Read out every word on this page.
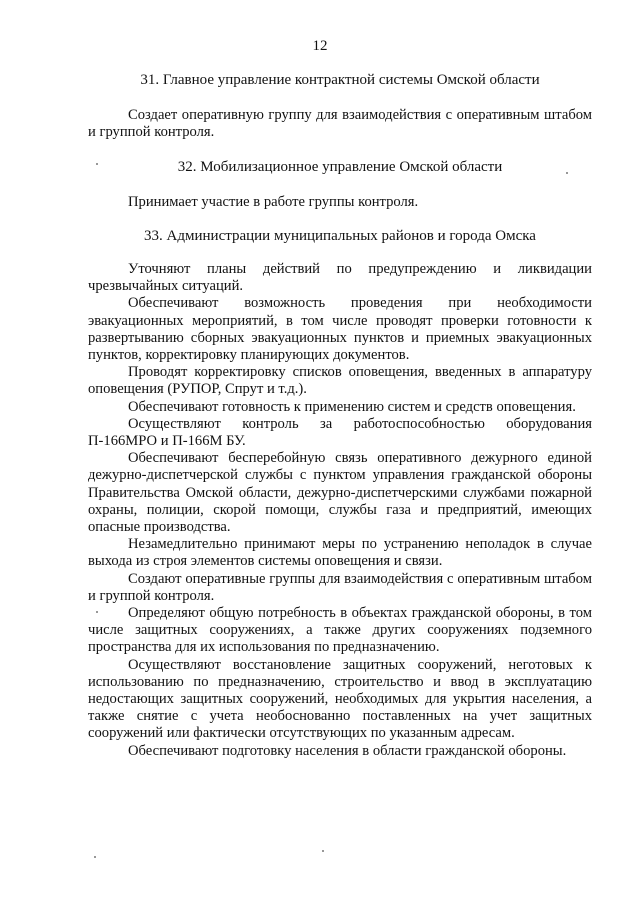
12
31. Главное управление контрактной системы Омской области

Создает оперативную группу для взаимодействия с оперативным штабом и группой контроля.

32. Мобилизационное управление Омской области

Принимает участие в работе группы контроля.

33. Администрации муниципальных районов и города Омска

Уточняют планы действий по предупреждению и ликвидации чрезвычайных ситуаций.

Обеспечивают возможность проведения при необходимости эвакуационных мероприятий, в том числе проводят проверки готовности к развертыванию сборных эвакуационных пунктов и приемных эвакуационных пунктов, корректировку планирующих документов.

Проводят корректировку списков оповещения, введенных в аппаратуру оповещения (РУПОР, Спрут и т.д.).

Обеспечивают готовность к применению систем и средств оповещения.

Осуществляют контроль за работоспособностью оборудования П-166МРО и П-166М БУ.

Обеспечивают бесперебойную связь оперативного дежурного единой дежурно-диспетчерской службы с пунктом управления гражданской обороны Правительства Омской области, дежурно-диспетчерскими службами пожарной охраны, полиции, скорой помощи, службы газа и предприятий, имеющих опасные производства.

Незамедлительно принимают меры по устранению неполадок в случае выхода из строя элементов системы оповещения и связи.

Создают оперативные группы для взаимодействия с оперативным штабом и группой контроля.

Определяют общую потребность в объектах гражданской обороны, в том числе защитных сооружениях, а также других сооружениях подземного пространства для их использования по предназначению.

Осуществляют восстановление защитных сооружений, неготовых к использованию по предназначению, строительство и ввод в эксплуатацию недостающих защитных сооружений, необходимых для укрытия населения, а также снятие с учета необоснованно поставленных на учет защитных сооружений или фактически отсутствующих по указанным адресам.

Обеспечивают подготовку населения в области гражданской обороны.
